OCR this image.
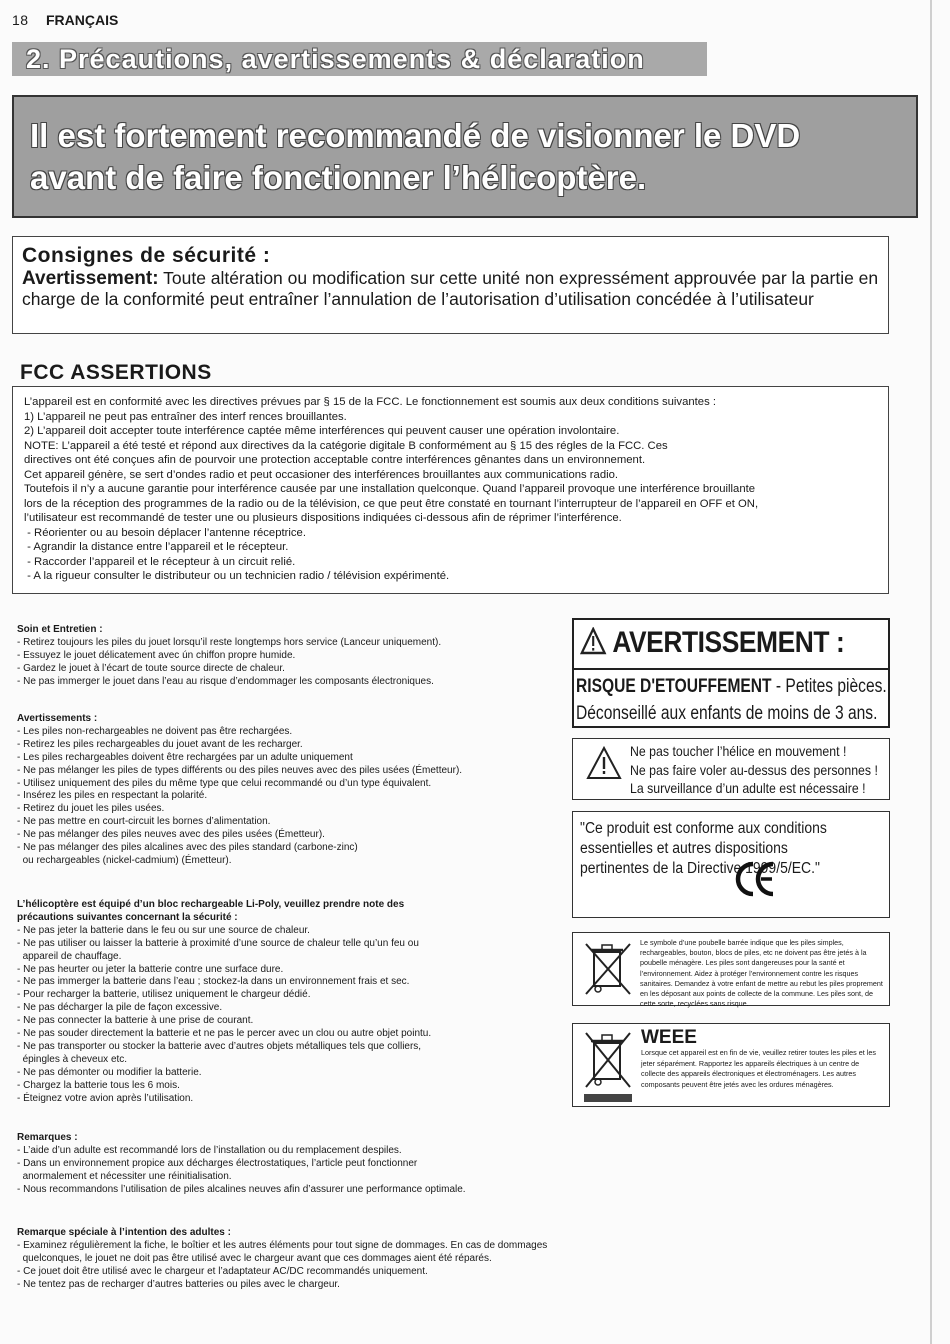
18 FRANÇAIS
2. Précautions, avertissements & déclaration
Il est fortement recommandé de visionner le DVD
avant de faire fonctionner l’hélicoptère.
Consignes de sécurité :
Avertissement: Toute altération ou modification sur cette unité non expressément approuvée par la partie en charge de la conformité peut entraîner l’annulation de l’autorisation d’utilisation concédée à l’utilisateur
FCC ASSERTIONS

L’appareil est en conformité avec les directives prévues par § 15 de la FCC. Le fonctionnement est soumis aux deux conditions suivantes :

1) L’appareil ne peut pas entraîner des interf rences brouillantes.

2) L’appareil doit accepter toute interférence captée même interférences qui peuvent causer une opération involontaire.

NOTE: L’appareil a été testé et répond aux directives da la catégorie digitale B conformément au § 15 des régles de la FCC. Ces

directives ont été conçues afin de pourvoir une protection acceptable contre interférences gênantes dans un environnement.

Cet appareil génère, se sert d’ondes radio et peut occasioner des interférences brouillantes aux communications radio.

Toutefois il n’y a aucune garantie pour interférence causée par une installation quelconque. Quand l’appareil provoque une interférence brouillante

lors de la réception des programmes de la radio ou de la télévision, ce que peut être constaté en tournant l’interrupteur de l’appareil en OFF et ON,

l’utilisateur est recommandé de tester une ou plusieurs dispositions indiquées ci-dessous afin de réprimer l’interférence.

- Réorienter ou au besoin déplacer l’antenne réceptrice.

- Agrandir la distance entre l’appareil et le récepteur.

- Raccorder l’appareil et le récepteur à un circuit relié.

- A la rigueur consulter le distributeur ou un technicien radio / télévision expérimenté.

Soin et Entretien :

- Retirez toujours les piles du jouet lorsqu’il reste longtemps hors service (Lanceur uniquement).

- Essuyez le jouet délicatement avec ún chiffon propre humide.

- Gardez le jouet à l’écart de toute source directe de chaleur.

- Ne pas immerger le jouet dans l’eau au risque d’endommager les composants électroniques.

Avertissements :

- Les piles non-rechargeables ne doivent pas être rechargées.

- Retirez les piles rechargeables du jouet avant de les recharger.

- Les piles rechargeables doivent être rechargées par un adulte uniquement

- Ne pas mélanger les piles de types différents ou des piles neuves avec des piles usées (Émetteur).

- Utilisez uniquement des piles du même type que celui recommandé ou d’un type équivalent.

- Insérez les piles en respectant la polarité.

- Retirez du jouet les piles usées.

- Ne pas mettre en court-circuit les bornes d’alimentation.

- Ne pas mélanger des piles neuves avec des piles usées (Émetteur).

- Ne pas mélanger des piles alcalines avec des piles standard (carbone-zinc)

ou rechargeables (nickel-cadmium) (Émetteur).

L’hélicoptère est équipé d’un bloc rechargeable Li-Poly, veuillez prendre note des

précautions suivantes concernant la sécurité :

- Ne pas jeter la batterie dans le feu ou sur une source de chaleur.

- Ne pas utiliser ou laisser la batterie à proximité d’une source de chaleur telle qu’un feu ou

appareil de chauffage.

- Ne pas heurter ou jeter la batterie contre une surface dure.

- Ne pas immerger la batterie dans l’eau ; stockez-la dans un environnement frais et sec.

- Pour recharger la batterie, utilisez uniquement le chargeur dédié.

- Ne pas décharger la pile de façon excessive.

- Ne pas connecter la batterie à une prise de courant.

- Ne pas souder directement la batterie et ne pas le percer avec un clou ou autre objet pointu.

- Ne pas transporter ou stocker la batterie avec d’autres objets métalliques tels que colliers,

épingles à cheveux etc.

- Ne pas démonter ou modifier la batterie.

- Chargez la batterie tous les 6 mois.

- Éteignez votre avion après l’utilisation.

Remarques :

- L’aide d’un adulte est recommandé lors de l’installation ou du remplacement despiles.

- Dans un environnement propice aux décharges électrostatiques, l’article peut fonctionner

anormalement et nécessiter une réinitialisation.

- Nous recommandons l’utilisation de piles alcalines neuves afin d’assurer une performance optimale.

Remarque spéciale à l’intention des adultes :

- Examinez régulièrement la fiche, le boîtier et les autres éléments pour tout signe de dommages. En cas de dommages

quelconques, le jouet ne doit pas être utilisé avec le chargeur avant que ces dommages aient été réparés.

- Ce jouet doit être utilisé avec le chargeur et l’adaptateur AC/DC recommandés uniquement.

- Ne tentez pas de recharger d’autres batteries ou piles avec le chargeur.

AVERTISSEMENT :
RISQUE D'ETOUFFEMENT - Petites pièces.
Déconseillé aux enfants de moins de 3 ans.
Ne pas toucher l’hélice en mouvement !
Ne pas faire voler au-dessus des personnes !
La surveillance d’un adulte est nécessaire !
"Ce produit est conforme aux conditions essentielles et autres dispositions pertinentes de la Directive 1999/5/EC."
Le symbole d’une poubelle barrée indique que les piles simples, rechargeables, bouton, blocs de piles, etc ne doivent pas être jetés à la poubelle ménagère. Les piles sont dangereuses pour la santé et l’environnement. Aidez à protéger l’environnement contre les risques sanitaires. Demandez à votre enfant de mettre au rebut les piles proprement en les déposant aux points de collecte de la commune. Les piles sont, de cette sorte, recyclées sans risque.
WEEE
Lorsque cet appareil est en fin de vie, veuillez retirer toutes les piles et les jeter séparément. Rapportez les appareils électriques à un centre de collecte des appareils électroniques et électroménagers. Les autres composants peuvent être jetés avec les ordures ménagères.
